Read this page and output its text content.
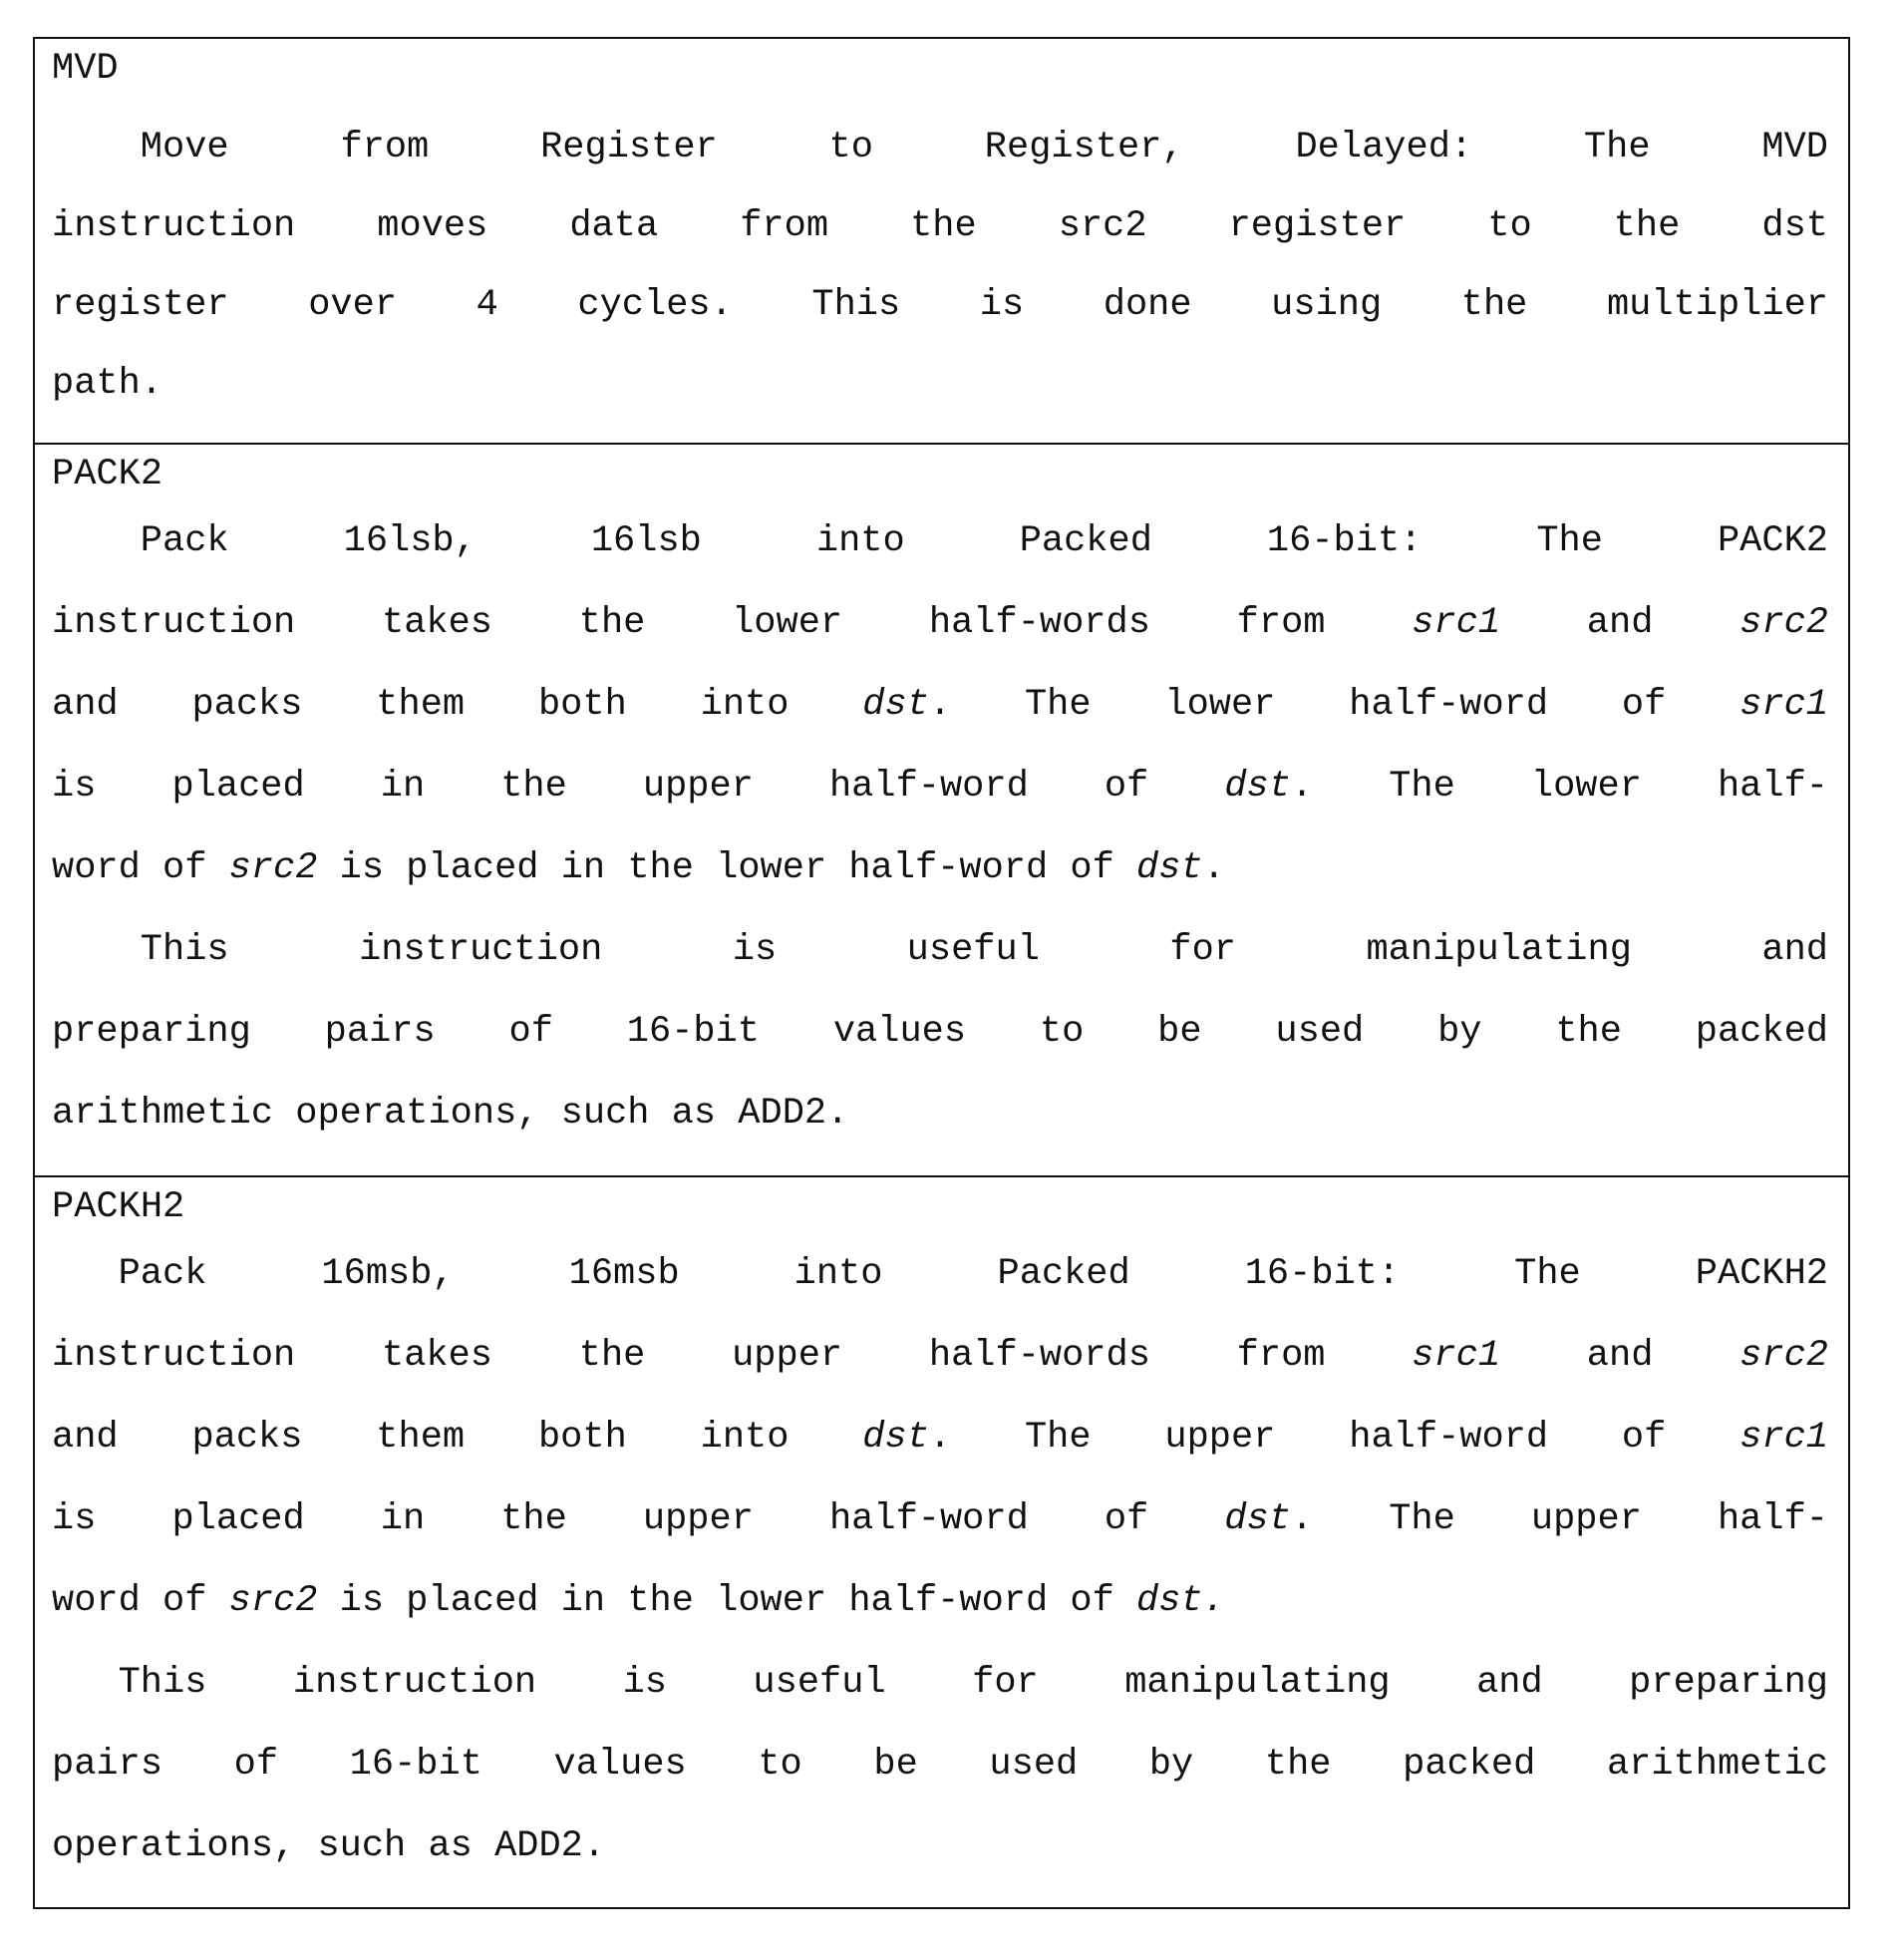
MVD
Move from Register to Register, Delayed: The MVD
instruction moves data from the src2 register to the dst
register over 4 cycles. This is done using the multiplier
path.
PACK2
Pack 16lsb, 16lsb into Packed 16-bit: The PACK2
instruction takes the lower half-words from src1 and src2
and packs them both into dst. The lower half-word of src1
is placed in the upper half-word of dst. The lower half-
word of src2 is placed in the lower half-word of dst.
This instruction is useful for manipulating and
preparing pairs of 16-bit values to be used by the packed
arithmetic operations, such as ADD2.
PACKH2
Pack 16msb, 16msb into Packed 16-bit: The PACKH2
instruction takes the upper half-words from src1 and src2
and packs them both into dst. The upper half-word of src1
is placed in the upper half-word of dst. The upper half-
word of src2 is placed in the lower half-word of dst.
This instruction is useful for manipulating and preparing
pairs of 16-bit values to be used by the packed arithmetic
operations, such as ADD2.
